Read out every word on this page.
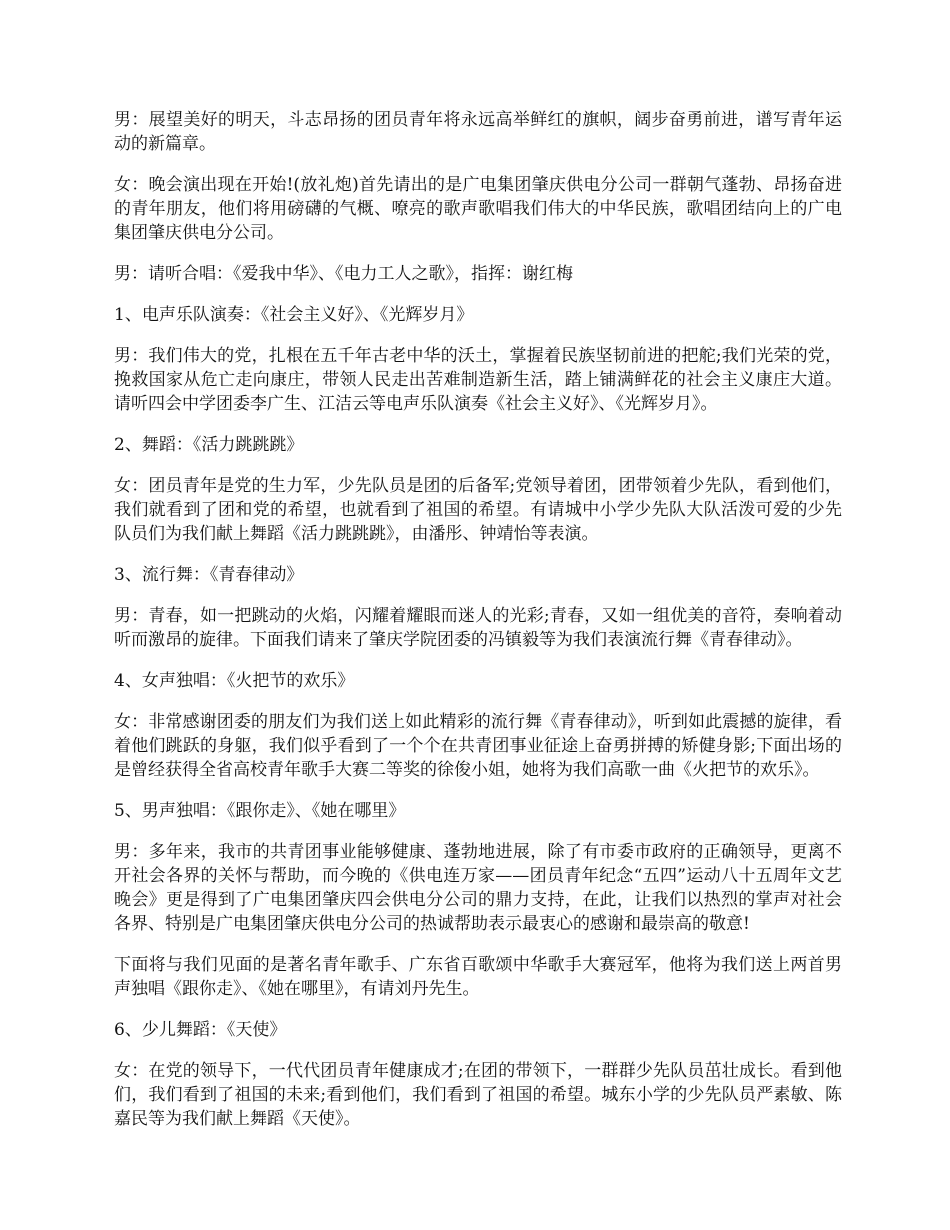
男：展望美好的明天，斗志昂扬的团员青年将永远高举鲜红的旗帜，阔步奋勇前进，谱写青年运动的新篇章。

女：晚会演出现在开始!(放礼炮)首先请出的是广电集团肇庆供电分公司一群朝气蓬勃、昂扬奋进的青年朋友，他们将用磅礴的气概、嘹亮的歌声歌唱我们伟大的中华民族，歌唱团结向上的广电集团肇庆供电分公司。

男：请听合唱：《爱我中华》、《电力工人之歌》，指挥：谢红梅

1、电声乐队演奏：《社会主义好》、《光辉岁月》

男：我们伟大的党，扎根在五千年古老中华的沃土，掌握着民族坚韧前进的把舵;我们光荣的党，挽救国家从危亡走向康庄，带领人民走出苦难制造新生活，踏上铺满鲜花的社会主义康庄大道。请听四会中学团委李广生、江洁云等电声乐队演奏《社会主义好》、《光辉岁月》。

2、舞蹈：《活力跳跳跳》

女：团员青年是党的生力军，少先队员是团的后备军;党领导着团，团带领着少先队，看到他们，我们就看到了团和党的希望，也就看到了祖国的希望。有请城中小学少先队大队活泼可爱的少先队员们为我们献上舞蹈《活力跳跳跳》，由潘彤、钟靖怡等表演。

3、流行舞：《青春律动》

男：青春，如一把跳动的火焰，闪耀着耀眼而迷人的光彩;青春，又如一组优美的音符，奏响着动听而激昂的旋律。下面我们请来了肇庆学院团委的冯镇毅等为我们表演流行舞《青春律动》。

4、女声独唱：《火把节的欢乐》

女：非常感谢团委的朋友们为我们送上如此精彩的流行舞《青春律动》，听到如此震撼的旋律，看着他们跳跃的身躯，我们似乎看到了一个个在共青团事业征途上奋勇拼搏的矫健身影;下面出场的是曾经获得全省高校青年歌手大赛二等奖的徐俊小姐，她将为我们高歌一曲《火把节的欢乐》。

5、男声独唱：《跟你走》、《她在哪里》

男：多年来，我市的共青团事业能够健康、蓬勃地进展，除了有市委市政府的正确领导，更离不开社会各界的关怀与帮助，而今晚的《供电连万家——团员青年纪念“五四”运动八十五周年文艺晚会》更是得到了广电集团肇庆四会供电分公司的鼎力支持，在此，让我们以热烈的掌声对社会各界、特别是广电集团肇庆供电分公司的热诚帮助表示最衷心的感谢和最崇高的敬意!

下面将与我们见面的是著名青年歌手、广东省百歌颂中华歌手大赛冠军，他将为我们送上两首男声独唱《跟你走》、《她在哪里》，有请刘丹先生。

6、少儿舞蹈：《天使》

女：在党的领导下，一代代团员青年健康成才;在团的带领下，一群群少先队员茁壮成长。看到他们，我们看到了祖国的未来;看到他们，我们看到了祖国的希望。城东小学的少先队员严素敏、陈嘉民等为我们献上舞蹈《天使》。
